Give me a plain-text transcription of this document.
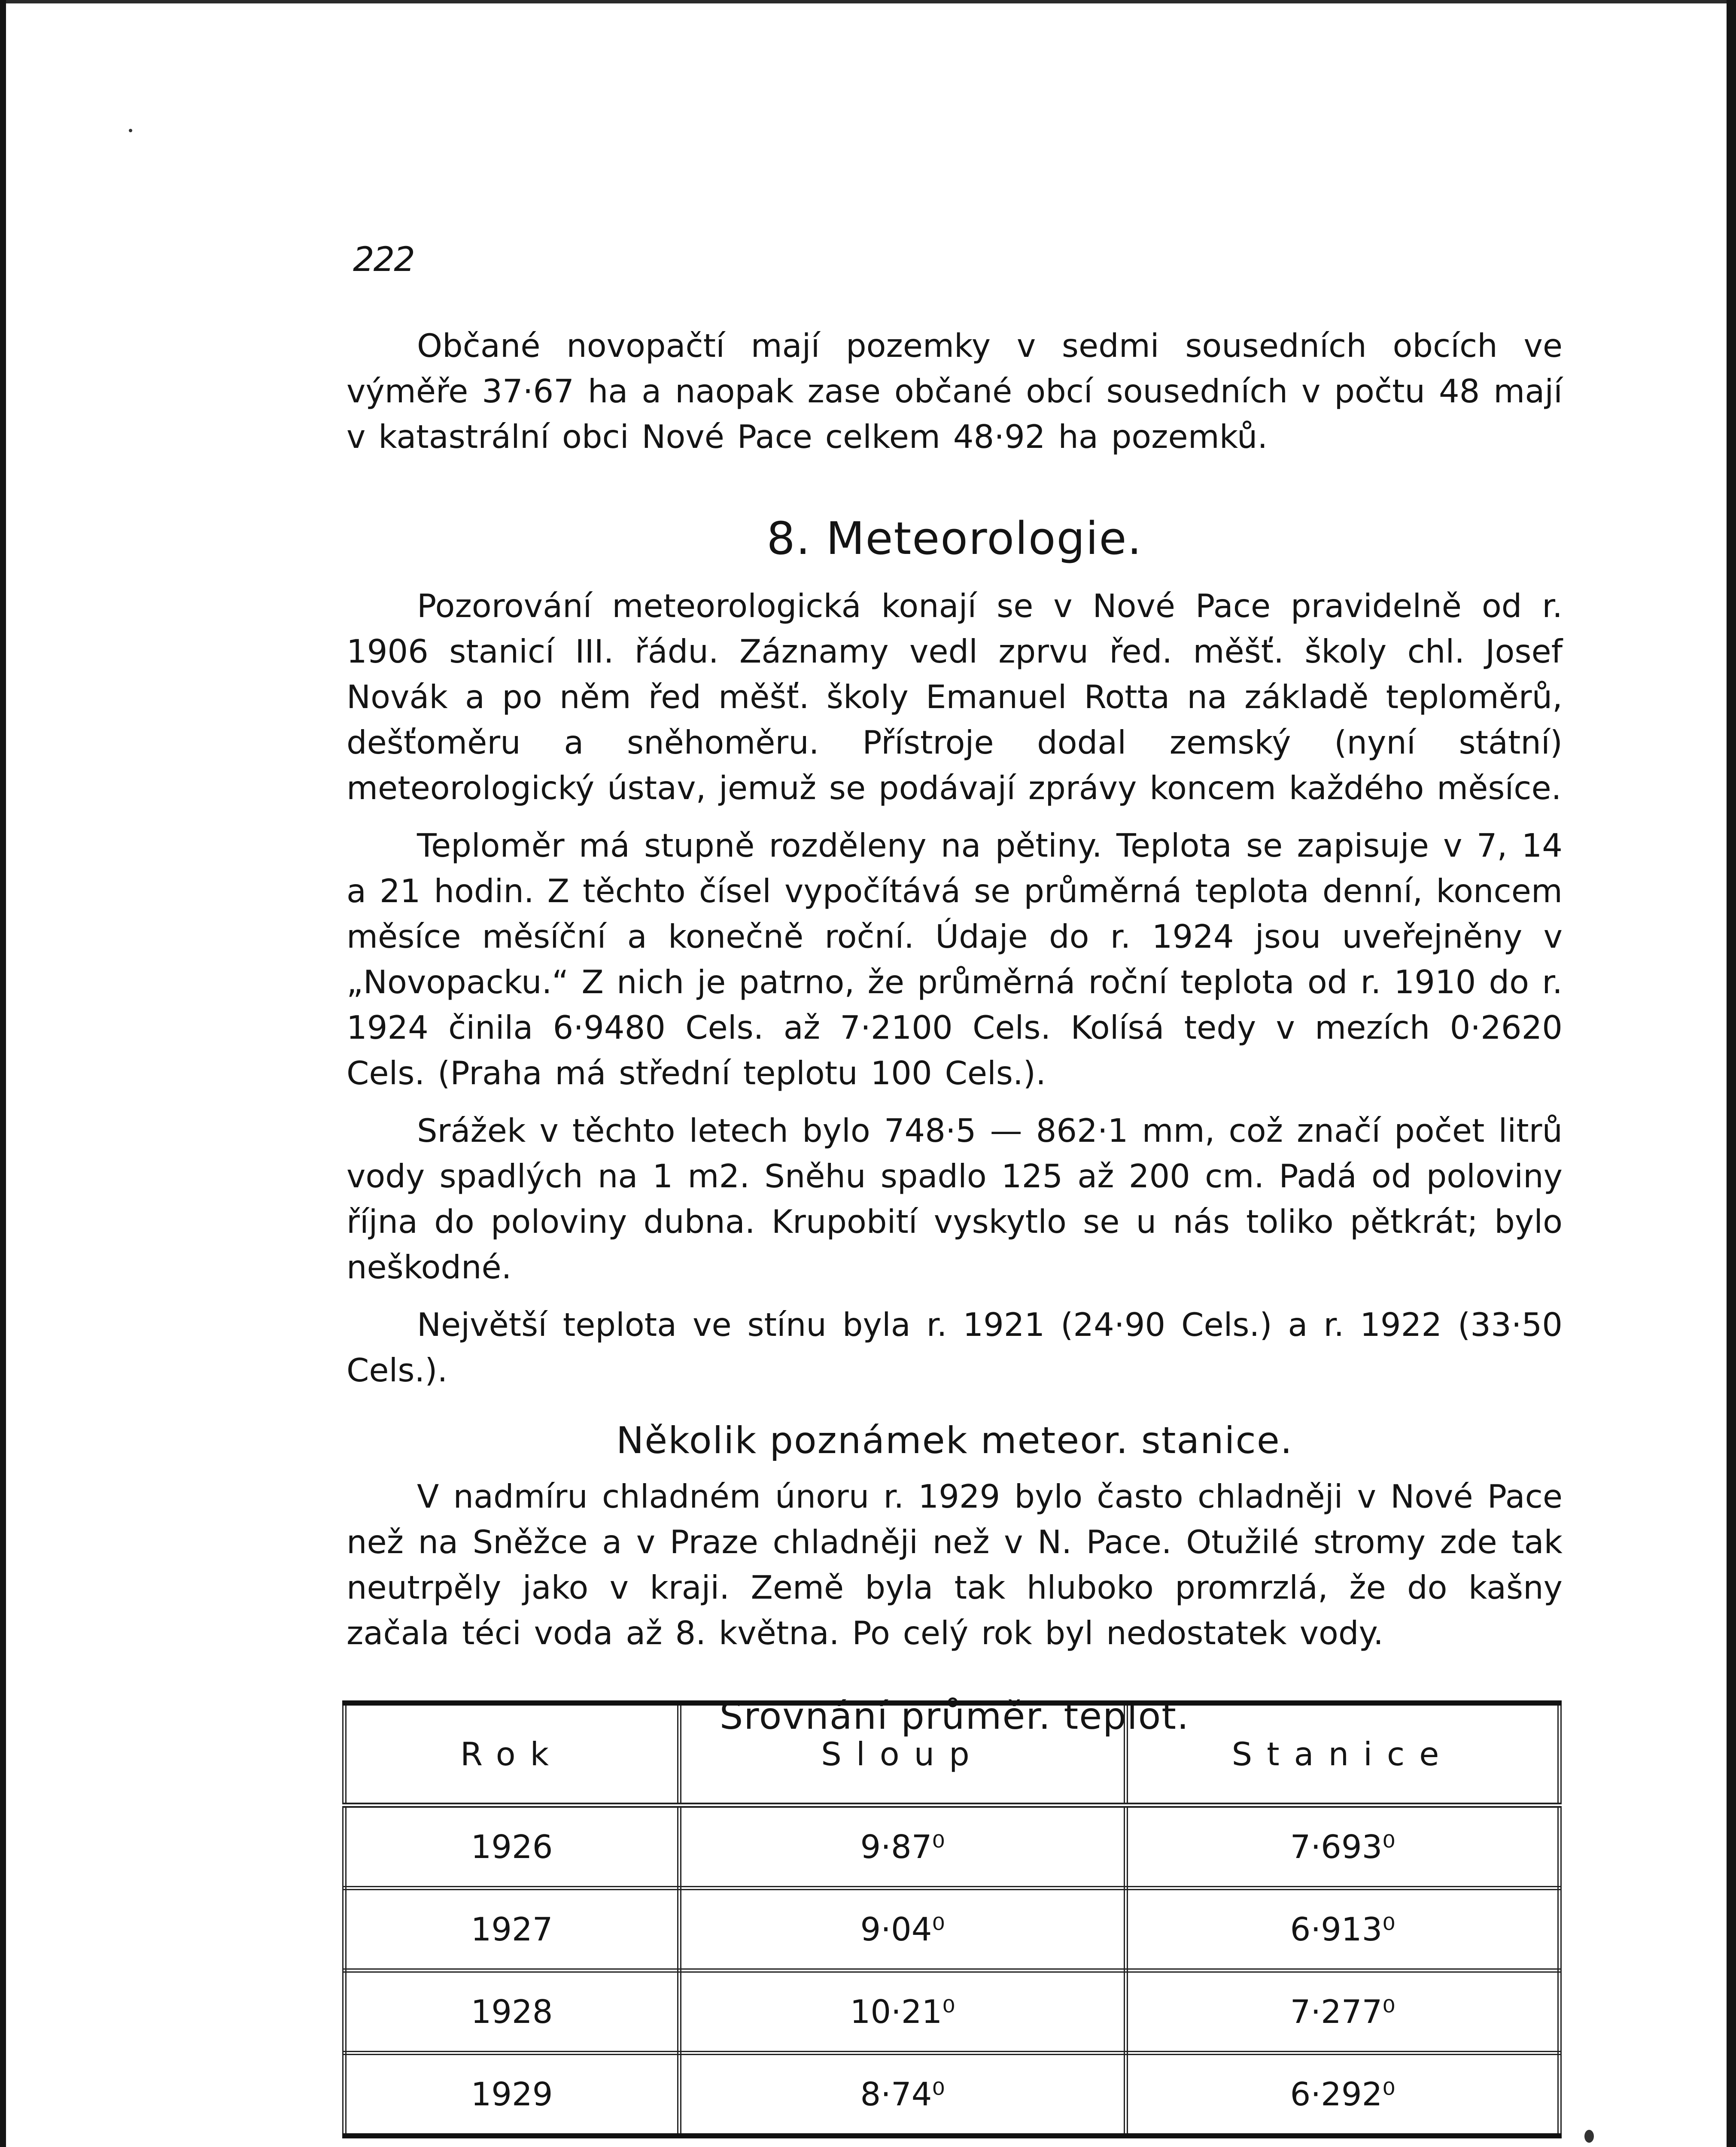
222

Občané novopačtí mají pozemky v sedmi sousedních obcích ve výměře 37·67 ha a naopak zase občané obcí sousedních v počtu 48 mají v katastrální obci Nové Pace celkem 48·92 ha pozemků.

8. Meteorologie.

Pozorování meteorologická konají se v Nové Pace pravidelně od r. 1906 stanicí III. řádu. Záznamy vedl zprvu řed. měšť. školy chl. Josef Novák a po něm řed měšť. školy Emanuel Rotta na základě teploměrů, dešťoměru a sněhoměru. Přístroje dodal zemský (nyní státní) meteorologický ústav, jemuž se podávají zprávy koncem každého měsíce.

Teploměr má stupně rozděleny na pětiny. Teplota se zapisuje v 7, 14 a 21 hodin. Z těchto čísel vypočítává se průměrná teplota denní, koncem měsíce měsíční a konečně roční. Údaje do r. 1924 jsou uveřejněny v „Novopacku.“ Z nich je patrno, že průměrná roční teplota od r. 1910 do r. 1924 činila 6·9480 Cels. až 7·2100 Cels. Kolísá tedy v mezích 0·2620 Cels. (Praha má střední teplotu 100 Cels.).

Srážek v těchto letech bylo 748·5 — 862·1 mm, což značí počet litrů vody spadlých na 1 m2. Sněhu spadlo 125 až 200 cm. Padá od poloviny října do poloviny dubna. Krupobití vyskytlo se u nás toliko pětkrát; bylo neškodné.

Největší teplota ve stínu byla r. 1921 (24·90 Cels.) a r. 1922 (33·50 Cels.).

Několik poznámek meteor. stanice.

V nadmíru chladném únoru r. 1929 bylo často chladněji v Nové Pace než na Sněžce a v Praze chladněji než v N. Pace. Otužilé stromy zde tak neutrpěly jako v kraji. Země byla tak hluboko promrzlá, že do kašny začala téci voda až 8. května. Po celý rok byl nedostatek vody.

Srovnání průměr. teplot.
Rok	Sloup	Stanice
1926	9·87⁰	7·693⁰
1927	9·04⁰	6·913⁰
1928	10·21⁰	7·277⁰
1929	8·74⁰	6·292⁰
